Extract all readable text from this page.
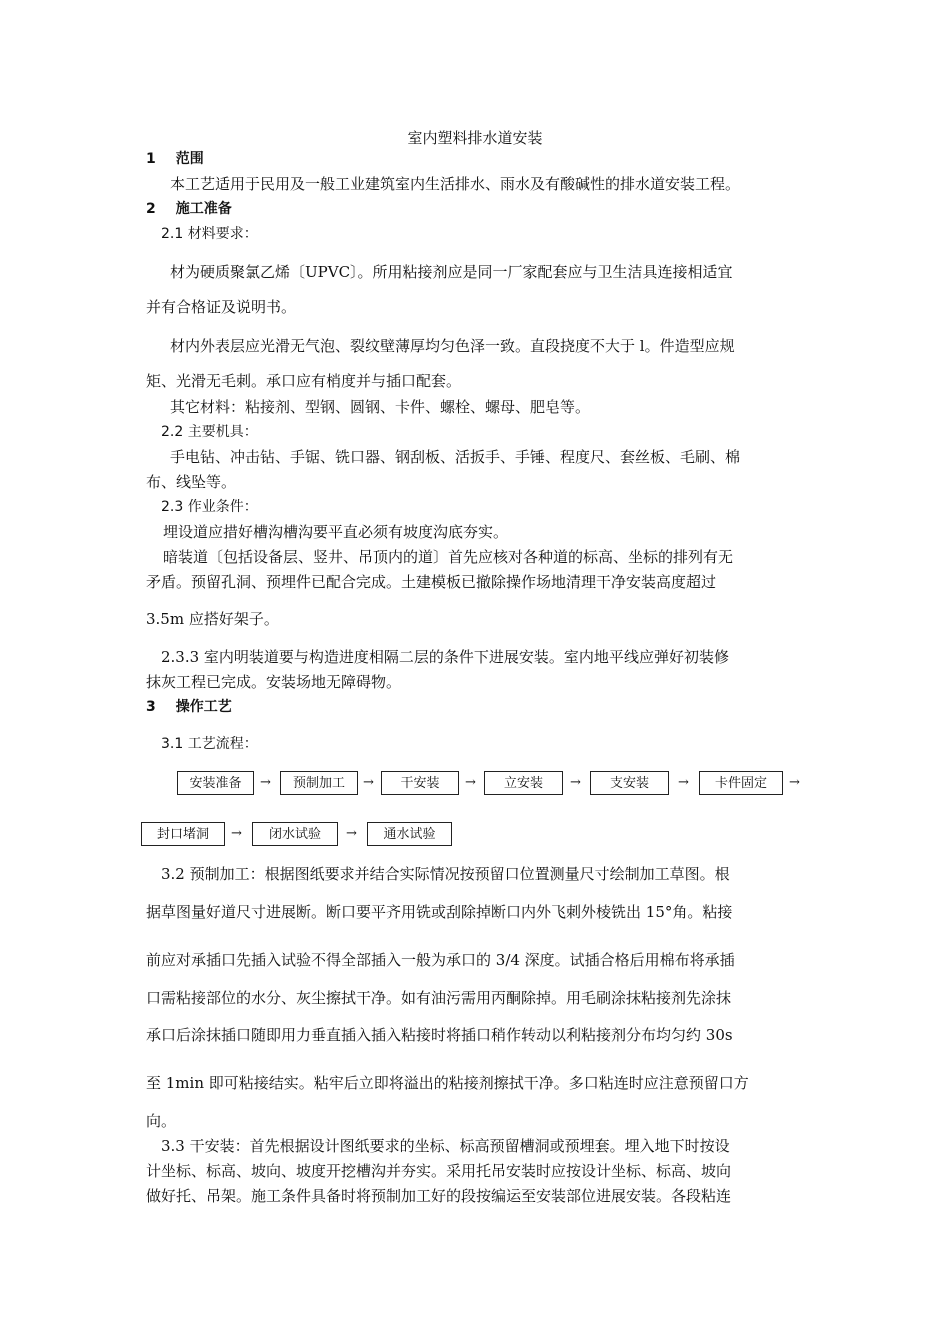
室内塑料排水道安装
1 范围
本工艺适用于民用及一般工业建筑室内生活排水、雨水及有酸碱性的排水道安装工程。
2 施工准备
2.1 材料要求：
材为硬质聚氯乙烯〔UPVC〕。所用粘接剂应是同一厂家配套应与卫生洁具连接相适宜
并有合格证及说明书。
材内外表层应光滑无气泡、裂纹壁薄厚均匀色泽一致。直段挠度不大于 l。件造型应规
矩、光滑无毛刺。承口应有梢度并与插口配套。
其它材料：粘接剂、型钢、圆钢、卡件、螺栓、螺母、肥皂等。
2.2 主要机具：
手电钻、冲击钻、手锯、铣口器、钢刮板、活扳手、手锤、程度尺、套丝板、毛刷、棉
布、线坠等。
2.3 作业条件：
埋设道应措好槽沟槽沟要平直必须有坡度沟底夯实。
暗装道〔包括设备层、竖井、吊顶内的道〕首先应核对各种道的标高、坐标的排列有无
矛盾。预留孔洞、预埋件已配合完成。土建模板已撤除操作场地清理干净安装高度超过
3.5m 应搭好架子。
2.3.3 室内明装道要与构造进度相隔二层的条件下进展安装。室内地平线应弹好初装修
抹灰工程已完成。安装场地无障碍物。
3 操作工艺
3.1 工艺流程：
安装准备	→	预制加工	→	干安装	→	立安装	→	支安装	→	卡件固定	→
封口堵洞	→	闭水试验	→	通水试验
3.2 预制加工：根据图纸要求并结合实际情况按预留口位置测量尺寸绘制加工草图。根
据草图量好道尺寸进展断。断口要平齐用铣或刮除掉断口内外飞刺外棱铣出 15°角。粘接
前应对承插口先插入试验不得全部插入一般为承口的 3/4 深度。试插合格后用棉布将承插
口需粘接部位的水分、灰尘擦拭干净。如有油污需用丙酮除掉。用毛刷涂抹粘接剂先涂抹
承口后涂抹插口随即用力垂直插入插入粘接时将插口稍作转动以利粘接剂分布均匀约 30s
至 1min 即可粘接结实。粘牢后立即将溢出的粘接剂擦拭干净。多口粘连时应注意预留口方
向。
3.3 干安装：首先根据设计图纸要求的坐标、标高预留槽洞或预埋套。埋入地下时按设
计坐标、标高、坡向、坡度开挖槽沟并夯实。采用托吊安装时应按设计坐标、标高、坡向
做好托、吊架。施工条件具备时将预制加工好的段按编运至安装部位进展安装。各段粘连
